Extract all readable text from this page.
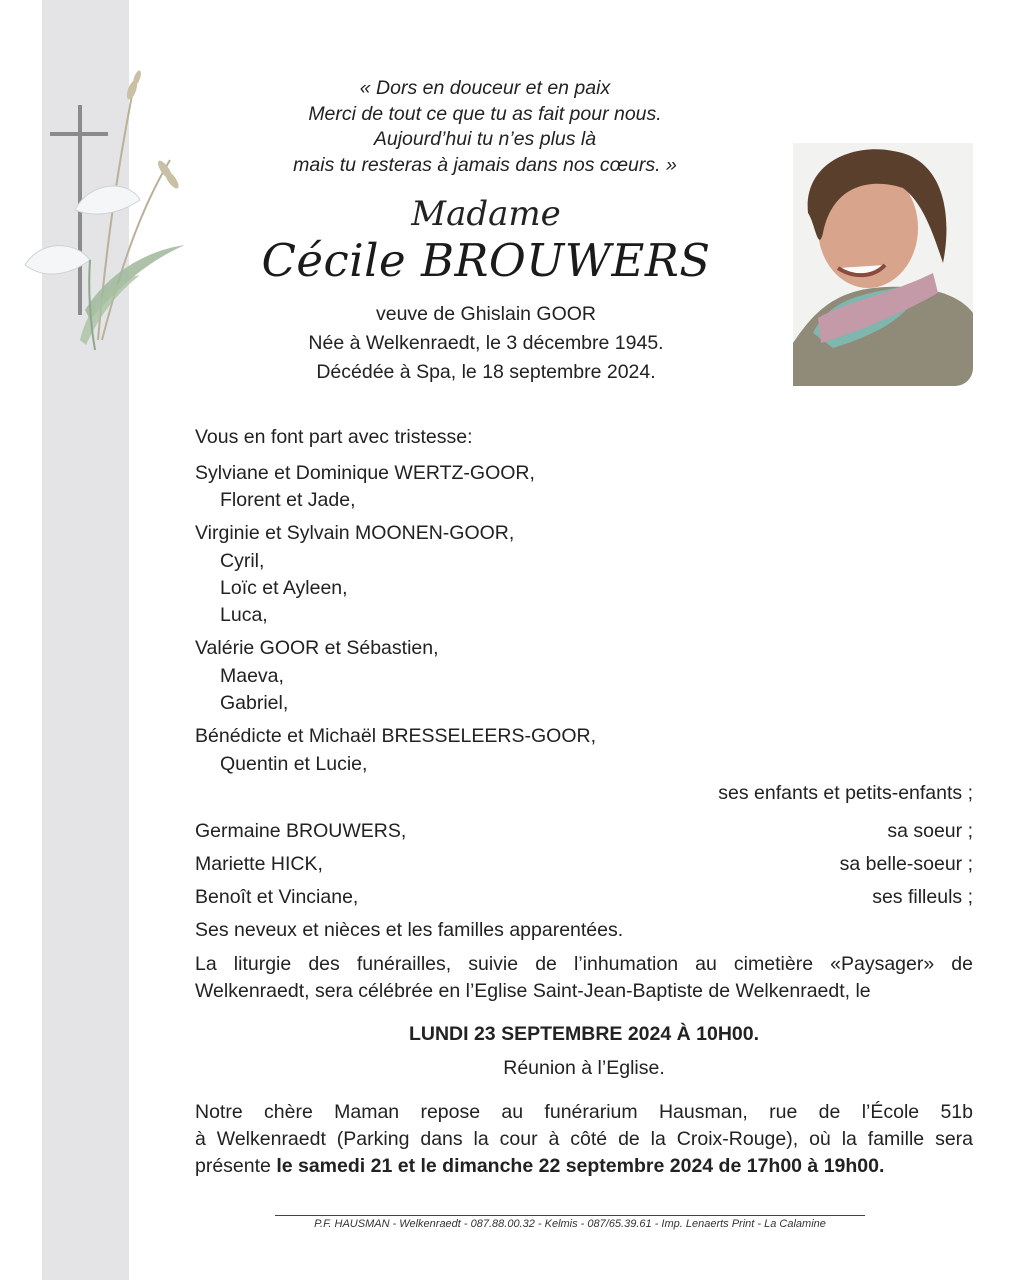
« Dors en douceur et en paix
Merci de tout ce que tu as fait pour nous.
Aujourd’hui tu n’es plus là
mais tu resteras à jamais dans nos cœurs. »
Madame
Cécile BROUWERS
veuve de Ghislain GOOR
Née à Welkenraedt, le 3 décembre 1945.
Décédée à Spa, le 18 septembre 2024.
Vous en font part avec tristesse:
Sylviane et Dominique WERTZ-GOOR,
Florent et Jade,
Virginie et Sylvain MOONEN-GOOR,
Cyril,
Loïc et Ayleen,
Luca,
Valérie GOOR et Sébastien,
Maeva,
Gabriel,
Bénédicte et Michaël BRESSELEERS-GOOR,
Quentin et Lucie,
ses enfants et petits-enfants ;
Germaine BROUWERS,	sa soeur ;
Mariette HICK,	sa belle-soeur ;
Benoît et Vinciane,	ses filleuls ;
Ses neveux et nièces et les familles apparentées.
La liturgie des funérailles, suivie de l’inhumation au cimetière «Paysager» de
Welkenraedt, sera célébrée en l’Eglise Saint-Jean-Baptiste de Welkenraedt, le
LUNDI 23 SEPTEMBRE 2024 À 10H00.
Réunion à l’Eglise.
Notre chère Maman repose au funérarium Hausman, rue de l’École 51b
à Welkenraedt (Parking dans la cour à côté de la Croix-Rouge), où la famille sera
présente le samedi 21 et le dimanche 22 septembre 2024 de 17h00 à 19h00.
P.F. HAUSMAN - Welkenraedt - 087.88.00.32 - Kelmis - 087/65.39.61 - Imp. Lenaerts Print - La Calamine
